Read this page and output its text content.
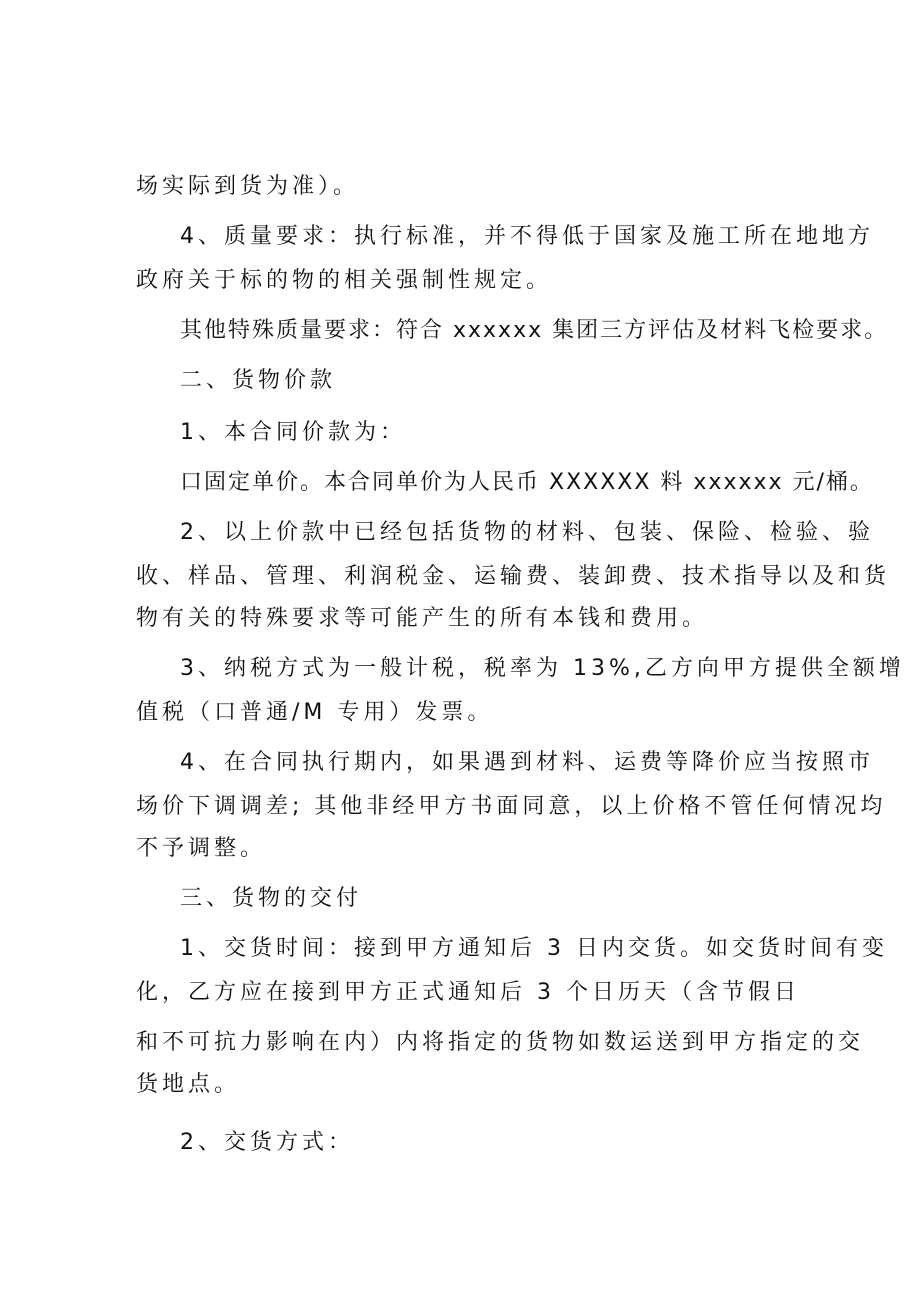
场实际到货为准）。
4、质量要求：执行标准，并不得低于国家及施工所在地地方
政府关于标的物的相关强制性规定。
其他特殊质量要求：符合 xxxxxx 集团三方评估及材料飞检要求。
二、货物价款
1、本合同价款为：
口固定单价。本合同单价为人民币 XXXXXX 料 xxxxxx 元/桶。
2、以上价款中已经包括货物的材料、包装、保险、检验、验
收、样品、管理、利润税金、运输费、装卸费、技术指导以及和货
物有关的特殊要求等可能产生的所有本钱和费用。
3、纳税方式为一般计税，税率为 13%,乙方向甲方提供全额增
值税（口普通/M 专用）发票。
4、在合同执行期内，如果遇到材料、运费等降价应当按照市
场价下调调差; 其他非经甲方书面同意，以上价格不管任何情况均
不予调整。
三、货物的交付
1、交货时间：接到甲方通知后 3 日内交货。如交货时间有变
化，乙方应在接到甲方正式通知后 3 个日历天（含节假日
和不可抗力影响在内）内将指定的货物如数运送到甲方指定的交
货地点。
2、交货方式：
